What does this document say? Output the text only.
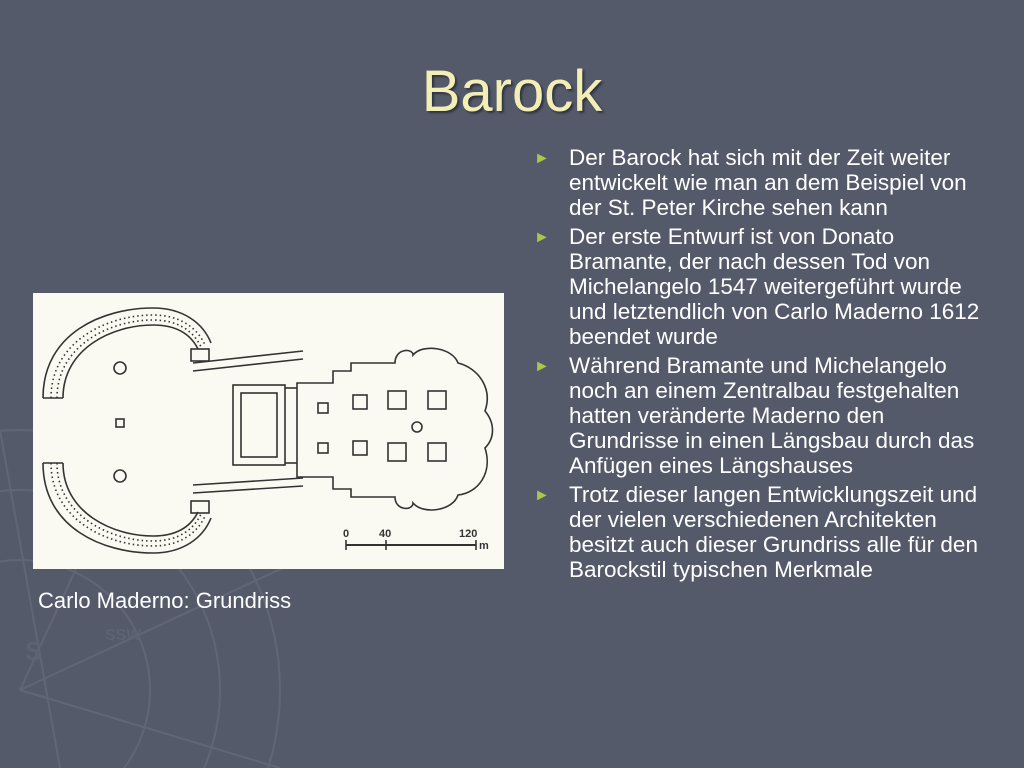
S
SSW
Barock
► Der Barock hat sich mit der Zeit weiter entwickelt wie man an dem Beispiel von der St. Peter Kirche sehen kann
► Der erste Entwurf ist von Donato Bramante, der nach dessen Tod von Michelangelo 1547 weitergeführt wurde und letztendlich von Carlo Maderno 1612 beendet wurde
► Während Bramante und Michelangelo noch an einem Zentralbau festgehalten hatten veränderte Maderno den Grundrisse in einen Längsbau durch das Anfügen eines Längshauses
► Trotz dieser langen Entwicklungszeit und der vielen verschiedenen Architekten besitzt auch dieser Grundriss alle für den Barockstil typischen Merkmale
0	40	120
m
Carlo Maderno: Grundriss
